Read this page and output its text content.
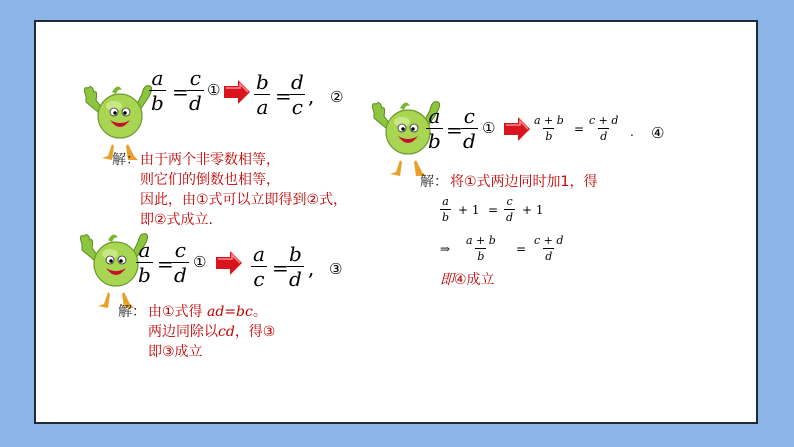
$\frac{a}{b}$ =
$\frac{c}{d}$ ① $\frac{b}{a}$ =
$\frac{d}{c}$ , ②
解： 由于两个非零数相等，
则它们的倒数也相等，
因此，由①式可以立即得到②式，
即②式成立.
$\frac{a}{b}$ =
$\frac{c}{d}$ ① $\frac{a}{c}$ =
$\frac{b}{d}$ , ③
解： 由①式得 ad=bc。
两边同除以cd，得③
即③成立
$\frac{a}{b}$ =
$\frac{c}{d}$ ①	$\frac{a + b}{b} = \frac{c + d}{d}$ . ④
解： 将①式两边同时加1，得
$\frac{a}{b} + 1 = \frac{c}{d} + 1$
⇒ $\frac{a + b}{b} = \frac{c + d}{d}$
即④成立
